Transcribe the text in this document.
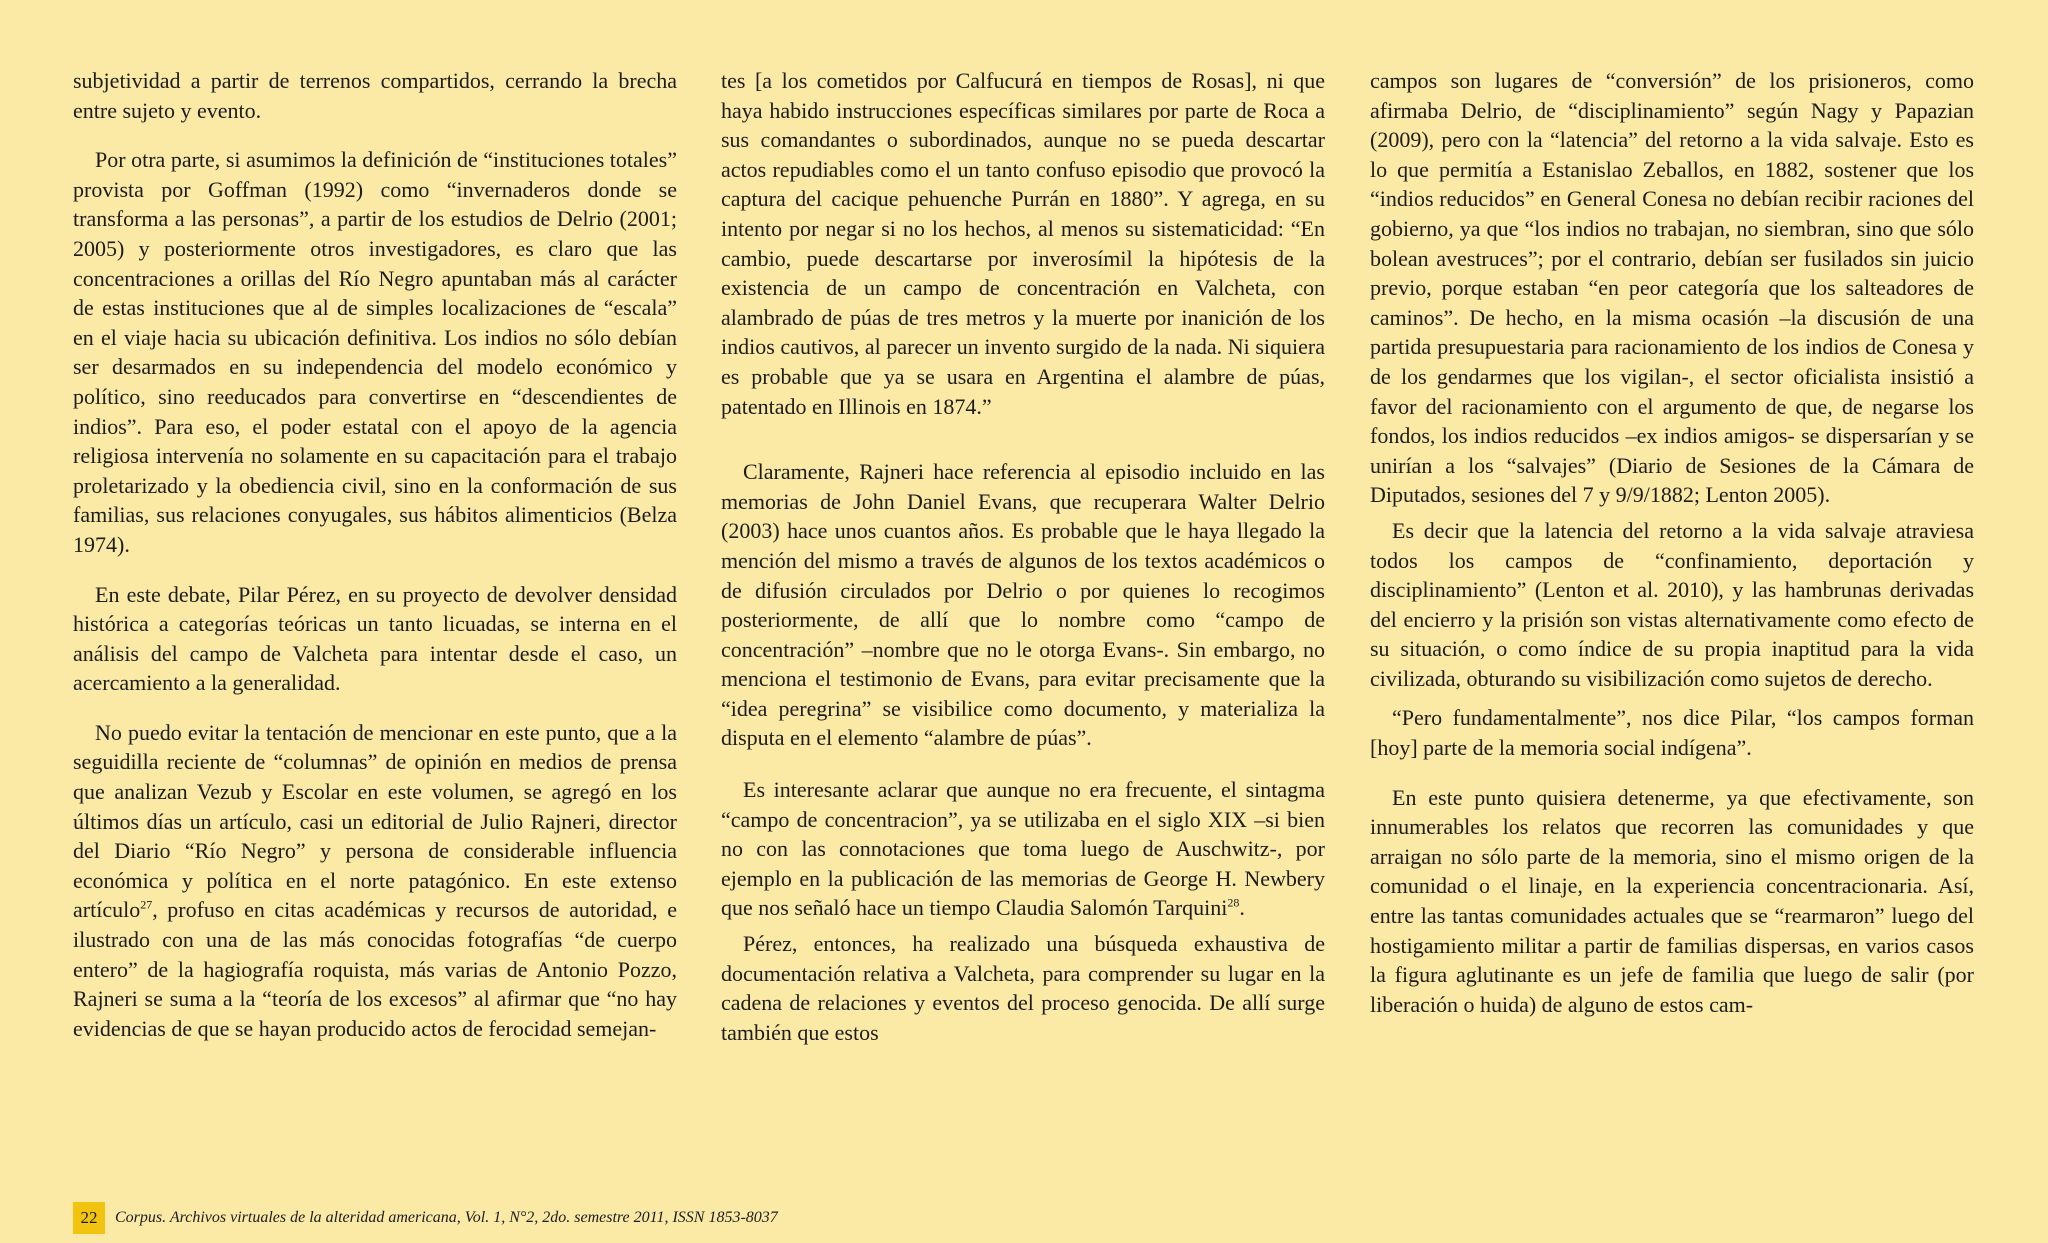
subjetividad a partir de terrenos compartidos, cerrando la brecha entre sujeto y evento.

Por otra parte, si asumimos la definición de “instituciones totales” provista por Goffman (1992) como “invernaderos donde se transforma a las personas”, a partir de los estudios de Delrio (2001; 2005) y posteriormente otros investigadores, es claro que las concentraciones a orillas del Río Negro apuntaban más al carácter de estas instituciones que al de simples localizaciones de “escala” en el viaje hacia su ubicación definitiva. Los indios no sólo debían ser desarmados en su independencia del modelo económico y político, sino reeducados para convertirse en “descendientes de indios”. Para eso, el poder estatal con el apoyo de la agencia religiosa intervenía no solamente en su capacitación para el trabajo proletarizado y la obediencia civil, sino en la conformación de sus familias, sus relaciones conyugales, sus hábitos alimenticios (Belza 1974).

En este debate, Pilar Pérez, en su proyecto de devolver densidad histórica a categorías teóricas un tanto licuadas, se interna en el análisis del campo de Valcheta para intentar desde el caso, un acercamiento a la generalidad.

No puedo evitar la tentación de mencionar en este punto, que a la seguidilla reciente de “columnas” de opinión en medios de prensa que analizan Vezub y Escolar en este volumen, se agregó en los últimos días un artículo, casi un editorial de Julio Rajneri, director del Diario “Río Negro” y persona de considerable influencia económica y política en el norte patagónico. En este extenso artículo$^{27}$, profuso en citas académicas y recursos de autoridad, e ilustrado con una de las más conocidas fotografías “de cuerpo entero” de la hagiografía roquista, más varias de Antonio Pozzo, Rajneri se suma a la “teoría de los excesos” al afirmar que “no hay evidencias de que se hayan producido actos de ferocidad semejan-

tes [a los cometidos por Calfucurá en tiempos de Rosas], ni que haya habido instrucciones específicas similares por parte de Roca a sus comandantes o subordinados, aunque no se pueda descartar actos repudiables como el un tanto confuso episodio que provocó la captura del cacique pehuenche Purrán en 1880”. Y agrega, en su intento por negar si no los hechos, al menos su sistematicidad: “En cambio, puede descartarse por inverosímil la hipótesis de la existencia de un campo de concentración en Valcheta, con alambrado de púas de tres metros y la muerte por inanición de los indios cautivos, al parecer un invento surgido de la nada. Ni siquiera es probable que ya se usara en Argentina el alambre de púas, patentado en Illinois en 1874.”

Claramente, Rajneri hace referencia al episodio incluido en las memorias de John Daniel Evans, que recuperara Walter Delrio (2003) hace unos cuantos años. Es probable que le haya llegado la mención del mismo a través de algunos de los textos académicos o de difusión circulados por Delrio o por quienes lo recogimos posteriormente, de allí que lo nombre como “campo de concentración” –nombre que no le otorga Evans-. Sin embargo, no menciona el testimonio de Evans, para evitar precisamente que la “idea peregrina” se visibilice como documento, y materializa la disputa en el elemento “alambre de púas”.

Es interesante aclarar que aunque no era frecuente, el sintagma “campo de concentracion”, ya se utilizaba en el siglo XIX –si bien no con las connotaciones que toma luego de Auschwitz-, por ejemplo en la publicación de las memorias de George H. Newbery que nos señaló hace un tiempo Claudia Salomón Tarquini$^{28}$.

Pérez, entonces, ha realizado una búsqueda exhaustiva de documentación relativa a Valcheta, para comprender su lugar en la cadena de relaciones y eventos del proceso genocida. De allí surge también que estos

campos son lugares de “conversión” de los prisioneros, como afirmaba Delrio, de “disciplinamiento” según Nagy y Papazian (2009), pero con la “latencia” del retorno a la vida salvaje. Esto es lo que permitía a Estanislao Zeballos, en 1882, sostener que los “indios reducidos” en General Conesa no debían recibir raciones del gobierno, ya que “los indios no trabajan, no siembran, sino que sólo bolean avestruces”; por el contrario, debían ser fusilados sin juicio previo, porque estaban “en peor categoría que los salteadores de caminos”. De hecho, en la misma ocasión –la discusión de una partida presupuestaria para racionamiento de los indios de Conesa y de los gendarmes que los vigilan-, el sector oficialista insistió a favor del racionamiento con el argumento de que, de negarse los fondos, los indios reducidos –ex indios amigos- se dispersarían y se unirían a los “salvajes” (Diario de Sesiones de la Cámara de Diputados, sesiones del 7 y 9/9/1882; Lenton 2005).

Es decir que la latencia del retorno a la vida salvaje atraviesa todos los campos de “confinamiento, deportación y disciplinamiento” (Lenton et al. 2010), y las hambrunas derivadas del encierro y la prisión son vistas alternativamente como efecto de su situación, o como índice de su propia inaptitud para la vida civilizada, obturando su visibilización como sujetos de derecho.

“Pero fundamentalmente”, nos dice Pilar, “los campos forman [hoy] parte de la memoria social indígena”.

En este punto quisiera detenerme, ya que efectivamente, son innumerables los relatos que recorren las comunidades y que arraigan no sólo parte de la memoria, sino el mismo origen de la comunidad o el linaje, en la experiencia concentracionaria. Así, entre las tantas comunidades actuales que se “rearmaron” luego del hostigamiento militar a partir de familias dispersas, en varios casos la figura aglutinante es un jefe de familia que luego de salir (por liberación o huida) de alguno de estos cam-

22	Corpus. Archivos virtuales de la alteridad americana, Vol. 1, N°2, 2do. semestre 2011, ISSN 1853-8037
